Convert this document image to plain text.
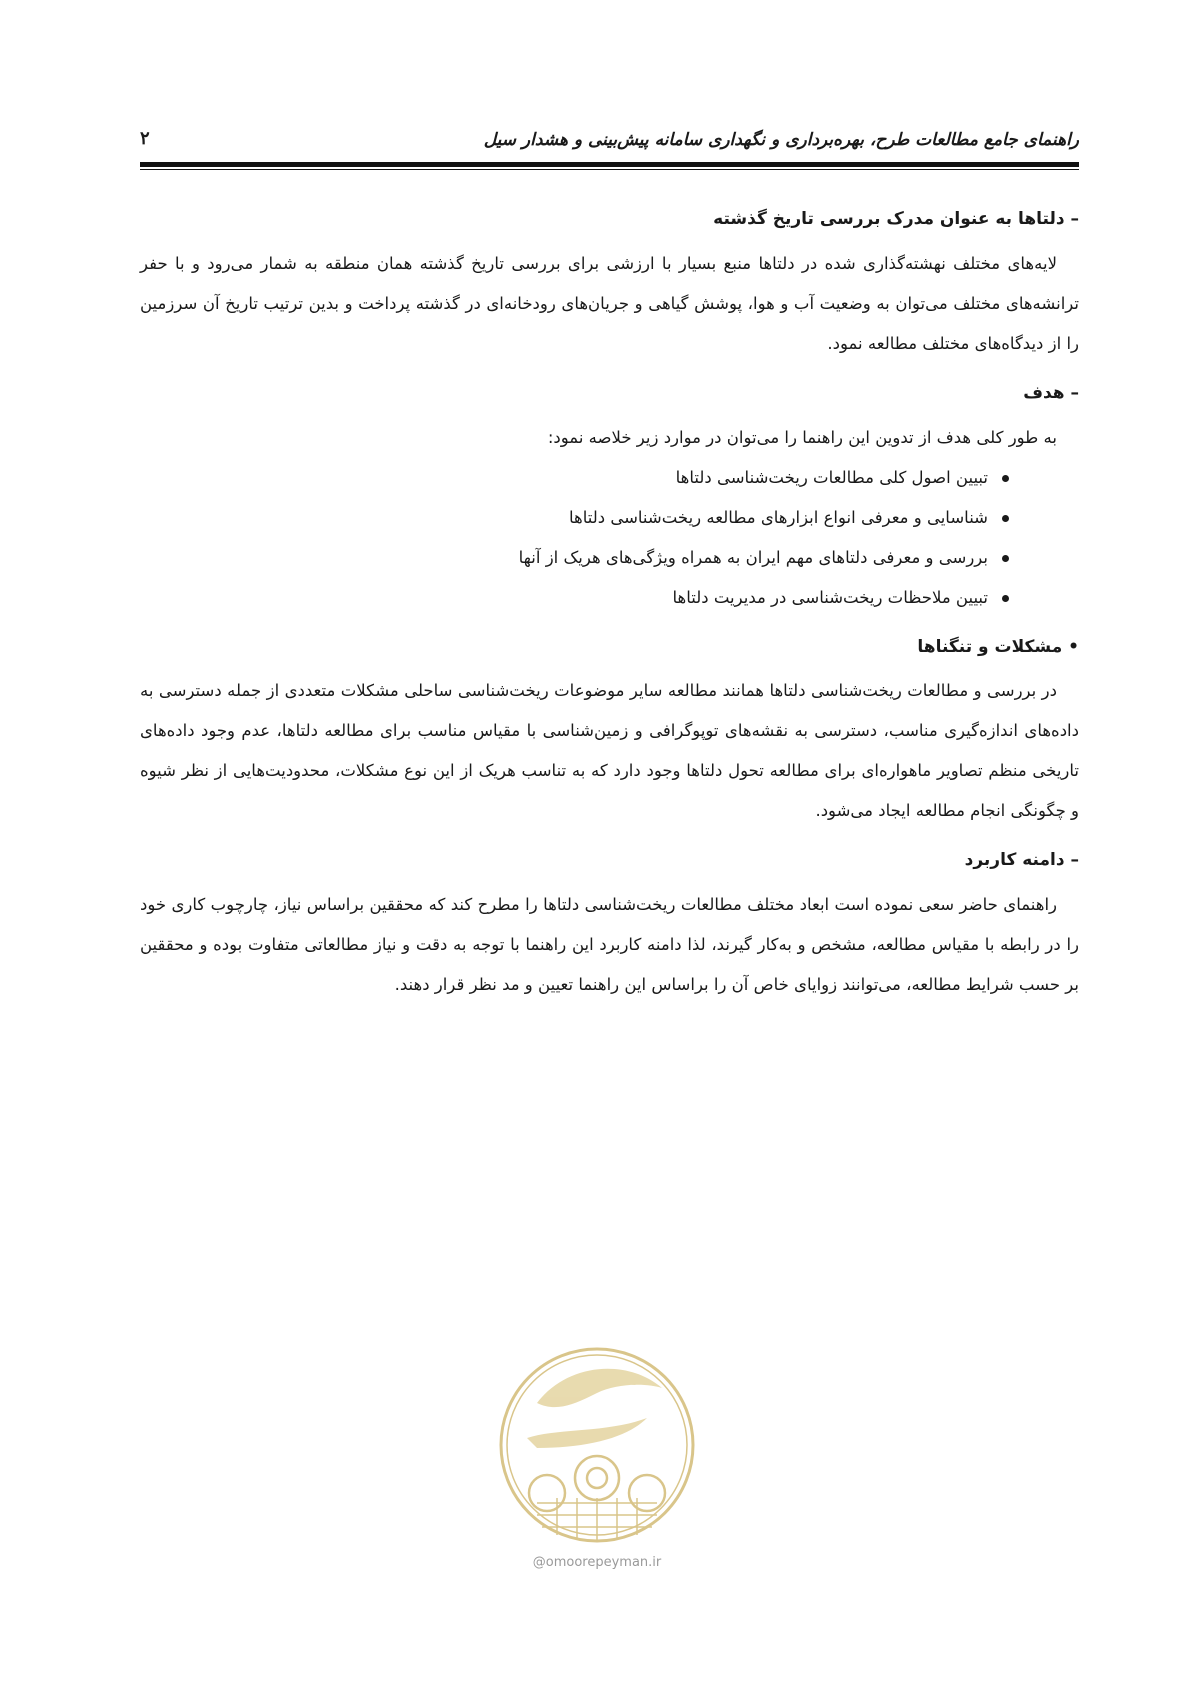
راهنمای جامع مطالعات طرح، بهره‌برداری و نگهداری سامانه پیش‌بینی و هشدار سیل
۲
– دلتاها به عنوان مدرک بررسی تاریخ گذشته

لایه‌های مختلف نهشته‌گذاری شده در دلتاها منبع بسیار با ارزشی برای بررسی تاریخ گذشته همان منطقه به شمار می‌رود و با حفر ترانشه‌های مختلف می‌توان به وضعیت آب و هوا، پوشش گیاهی و جریان‌های رودخانه‌ای در گذشته پرداخت و بدین ترتیب تاریخ آن سرزمین را از دیدگاه‌های مختلف مطالعه نمود.

– هدف

به طور کلی هدف از تدوین این راهنما را می‌توان در موارد زیر خلاصه نمود:

تبیین اصول کلی مطالعات ریخت‌شناسی دلتاها
شناسایی و معرفی انواع ابزارهای مطالعه ریخت‌شناسی دلتاها
بررسی و معرفی دلتاهای مهم ایران به همراه ویژگی‌های هریک از آنها
تبیین ملاحظات ریخت‌شناسی در مدیریت دلتاها
• مشکلات و تنگناها

در بررسی و مطالعات ریخت‌شناسی دلتاها همانند مطالعه سایر موضوعات ریخت‌شناسی ساحلی مشکلات متعددی از جمله دسترسی به داده‌های اندازه‌گیری مناسب، دسترسی به نقشه‌های توپوگرافی و زمین‌شناسی با مقیاس مناسب برای مطالعه دلتاها، عدم وجود داده‌های تاریخی منظم تصاویر ماهواره‌ای برای مطالعه تحول دلتاها وجود دارد که به تناسب هریک از این نوع مشکلات، محدودیت‌هایی از نظر شیوه و چگونگی انجام مطالعه ایجاد می‌شود.

– دامنه کاربرد

راهنمای حاضر سعی نموده است ابعاد مختلف مطالعات ریخت‌شناسی دلتاها را مطرح کند که محققین براساس نیاز، چارچوب کاری خود را در رابطه با مقیاس مطالعه، مشخص و به‌کار گیرند، لذا دامنه کاربرد این راهنما با توجه به دقت و نیاز مطالعاتی متفاوت بوده و محققین بر حسب شرایط مطالعه، می‌توانند زوایای خاص آن را براساس این راهنما تعیین و مد نظر قرار دهند.

@omoorepeyman.ir
